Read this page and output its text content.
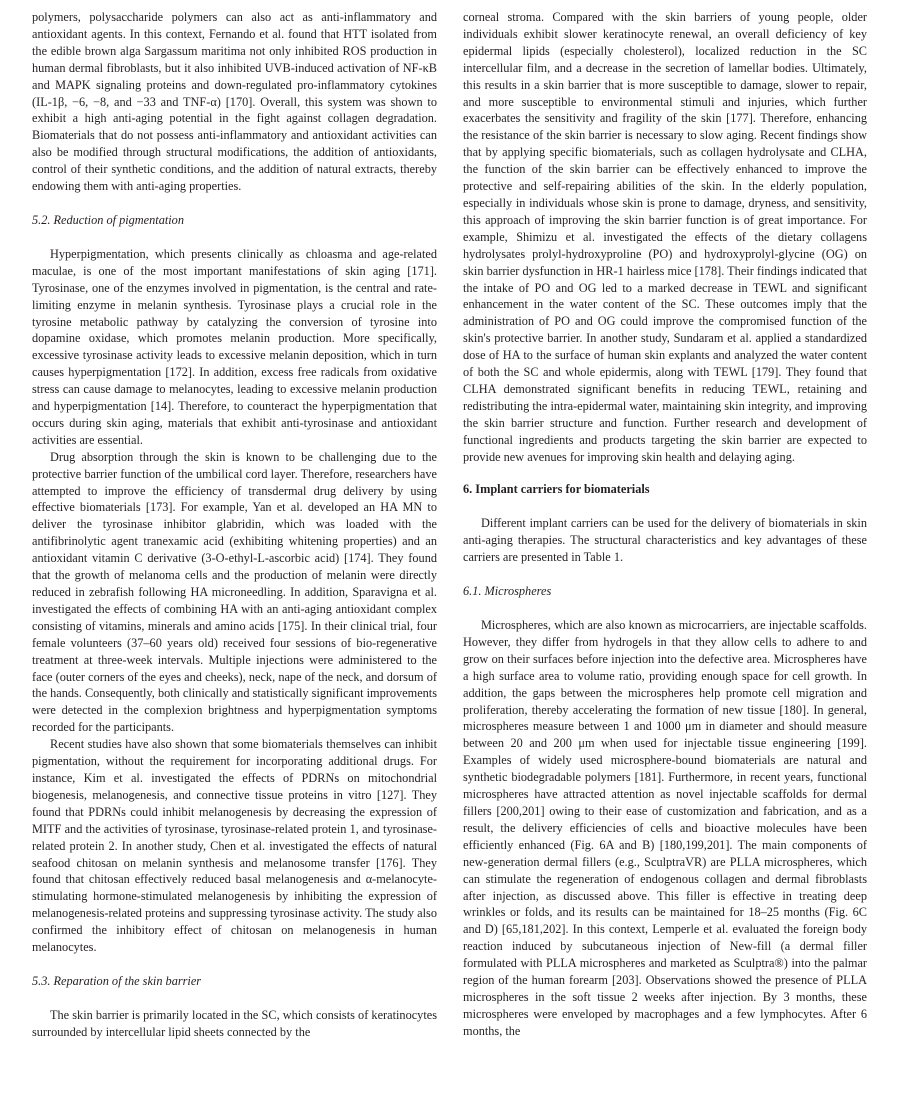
polymers, polysaccharide polymers can also act as anti-inflammatory and antioxidant agents. In this context, Fernando et al. found that HTT isolated from the edible brown alga Sargassum maritima not only inhibited ROS production in human dermal fibroblasts, but it also inhibited UVB-induced activation of NF-κB and MAPK signaling proteins and down-regulated pro-inflammatory cytokines (IL-1β, −6, −8, and −33 and TNF-α) [170]. Overall, this system was shown to exhibit a high anti-aging potential in the fight against collagen degradation. Biomaterials that do not possess anti-inflammatory and antioxidant activities can also be modified through structural modifications, the addition of antioxidants, control of their synthetic conditions, and the addition of natural extracts, thereby endowing them with anti-aging properties.

5.2. Reduction of pigmentation

Hyperpigmentation, which presents clinically as chloasma and age-related maculae, is one of the most important manifestations of skin aging [171]. Tyrosinase, one of the enzymes involved in pigmentation, is the central and rate-limiting enzyme in melanin synthesis. Tyrosinase plays a crucial role in the tyrosine metabolic pathway by catalyzing the conversion of tyrosine into dopamine oxidase, which promotes melanin production. More specifically, excessive tyrosinase activity leads to excessive melanin deposition, which in turn causes hyperpigmentation [172]. In addition, excess free radicals from oxidative stress can cause damage to melanocytes, leading to excessive melanin production and hyperpigmentation [14]. Therefore, to counteract the hyperpigmentation that occurs during skin aging, materials that exhibit anti-tyrosinase and antioxidant activities are essential.

Drug absorption through the skin is known to be challenging due to the protective barrier function of the umbilical cord layer. Therefore, researchers have attempted to improve the efficiency of transdermal drug delivery by using effective biomaterials [173]. For example, Yan et al. developed an HA MN to deliver the tyrosinase inhibitor glabridin, which was loaded with the antifibrinolytic agent tranexamic acid (exhibiting whitening properties) and an antioxidant vitamin C derivative (3-O-ethyl-L-ascorbic acid) [174]. They found that the growth of melanoma cells and the production of melanin were directly reduced in zebrafish following HA microneedling. In addition, Sparavigna et al. investigated the effects of combining HA with an anti-aging antioxidant complex consisting of vitamins, minerals and amino acids [175]. In their clinical trial, four female volunteers (37–60 years old) received four sessions of bio-regenerative treatment at three-week intervals. Multiple injections were administered to the face (outer corners of the eyes and cheeks), neck, nape of the neck, and dorsum of the hands. Consequently, both clinically and statistically significant improvements were detected in the complexion brightness and hyperpigmentation symptoms recorded for the participants.

Recent studies have also shown that some biomaterials themselves can inhibit pigmentation, without the requirement for incorporating additional drugs. For instance, Kim et al. investigated the effects of PDRNs on mitochondrial biogenesis, melanogenesis, and connective tissue proteins in vitro [127]. They found that PDRNs could inhibit melanogenesis by decreasing the expression of MITF and the activities of tyrosinase, tyrosinase-related protein 1, and tyrosinase-related protein 2. In another study, Chen et al. investigated the effects of natural seafood chitosan on melanin synthesis and melanosome transfer [176]. They found that chitosan effectively reduced basal melanogenesis and α-melanocyte-stimulating hormone-stimulated melanogenesis by inhibiting the expression of melanogenesis-related proteins and suppressing tyrosinase activity. The study also confirmed the inhibitory effect of chitosan on melanogenesis in human melanocytes.

5.3. Reparation of the skin barrier

The skin barrier is primarily located in the SC, which consists of keratinocytes surrounded by intercellular lipid sheets connected by the

corneal stroma. Compared with the skin barriers of young people, older individuals exhibit slower keratinocyte renewal, an overall deficiency of key epidermal lipids (especially cholesterol), localized reduction in the SC intercellular film, and a decrease in the secretion of lamellar bodies. Ultimately, this results in a skin barrier that is more susceptible to damage, slower to repair, and more susceptible to environmental stimuli and injuries, which further exacerbates the sensitivity and fragility of the skin [177]. Therefore, enhancing the resistance of the skin barrier is necessary to slow aging. Recent findings show that by applying specific biomaterials, such as collagen hydrolysate and CLHA, the function of the skin barrier can be effectively enhanced to improve the protective and self-repairing abilities of the skin. In the elderly population, especially in individuals whose skin is prone to damage, dryness, and sensitivity, this approach of improving the skin barrier function is of great importance. For example, Shimizu et al. investigated the effects of the dietary collagens hydrolysates prolyl-hydroxyproline (PO) and hydroxyprolyl-glycine (OG) on skin barrier dysfunction in HR-1 hairless mice [178]. Their findings indicated that the intake of PO and OG led to a marked decrease in TEWL and significant enhancement in the water content of the SC. These outcomes imply that the administration of PO and OG could improve the compromised function of the skin's protective barrier. In another study, Sundaram et al. applied a standardized dose of HA to the surface of human skin explants and analyzed the water content of both the SC and whole epidermis, along with TEWL [179]. They found that CLHA demonstrated significant benefits in reducing TEWL, retaining and redistributing the intra-epidermal water, maintaining skin integrity, and improving the skin barrier structure and function. Further research and development of functional ingredients and products targeting the skin barrier are expected to provide new avenues for improving skin health and delaying aging.

6. Implant carriers for biomaterials

Different implant carriers can be used for the delivery of biomaterials in skin anti-aging therapies. The structural characteristics and key advantages of these carriers are presented in Table 1.

6.1. Microspheres

Microspheres, which are also known as microcarriers, are injectable scaffolds. However, they differ from hydrogels in that they allow cells to adhere to and grow on their surfaces before injection into the defective area. Microspheres have a high surface area to volume ratio, providing enough space for cell growth. In addition, the gaps between the microspheres help promote cell migration and proliferation, thereby accelerating the formation of new tissue [180]. In general, microspheres measure between 1 and 1000 μm in diameter and should measure between 20 and 200 μm when used for injectable tissue engineering [199]. Examples of widely used microsphere-bound biomaterials are natural and synthetic biodegradable polymers [181]. Furthermore, in recent years, functional microspheres have attracted attention as novel injectable scaffolds for dermal fillers [200,201] owing to their ease of customization and fabrication, and as a result, the delivery efficiencies of cells and bioactive molecules have been efficiently enhanced (Fig. 6A and B) [180,199,201]. The main components of new-generation dermal fillers (e.g., SculptraVR) are PLLA microspheres, which can stimulate the regeneration of endogenous collagen and dermal fibroblasts after injection, as discussed above. This filler is effective in treating deep wrinkles or folds, and its results can be maintained for 18–25 months (Fig. 6C and D) [65,181,202]. In this context, Lemperle et al. evaluated the foreign body reaction induced by subcutaneous injection of New-fill (a dermal filler formulated with PLLA microspheres and marketed as Sculptra®) into the palmar region of the human forearm [203]. Observations showed the presence of PLLA microspheres in the soft tissue 2 weeks after injection. By 3 months, these microspheres were enveloped by macrophages and a few lymphocytes. After 6 months, the
